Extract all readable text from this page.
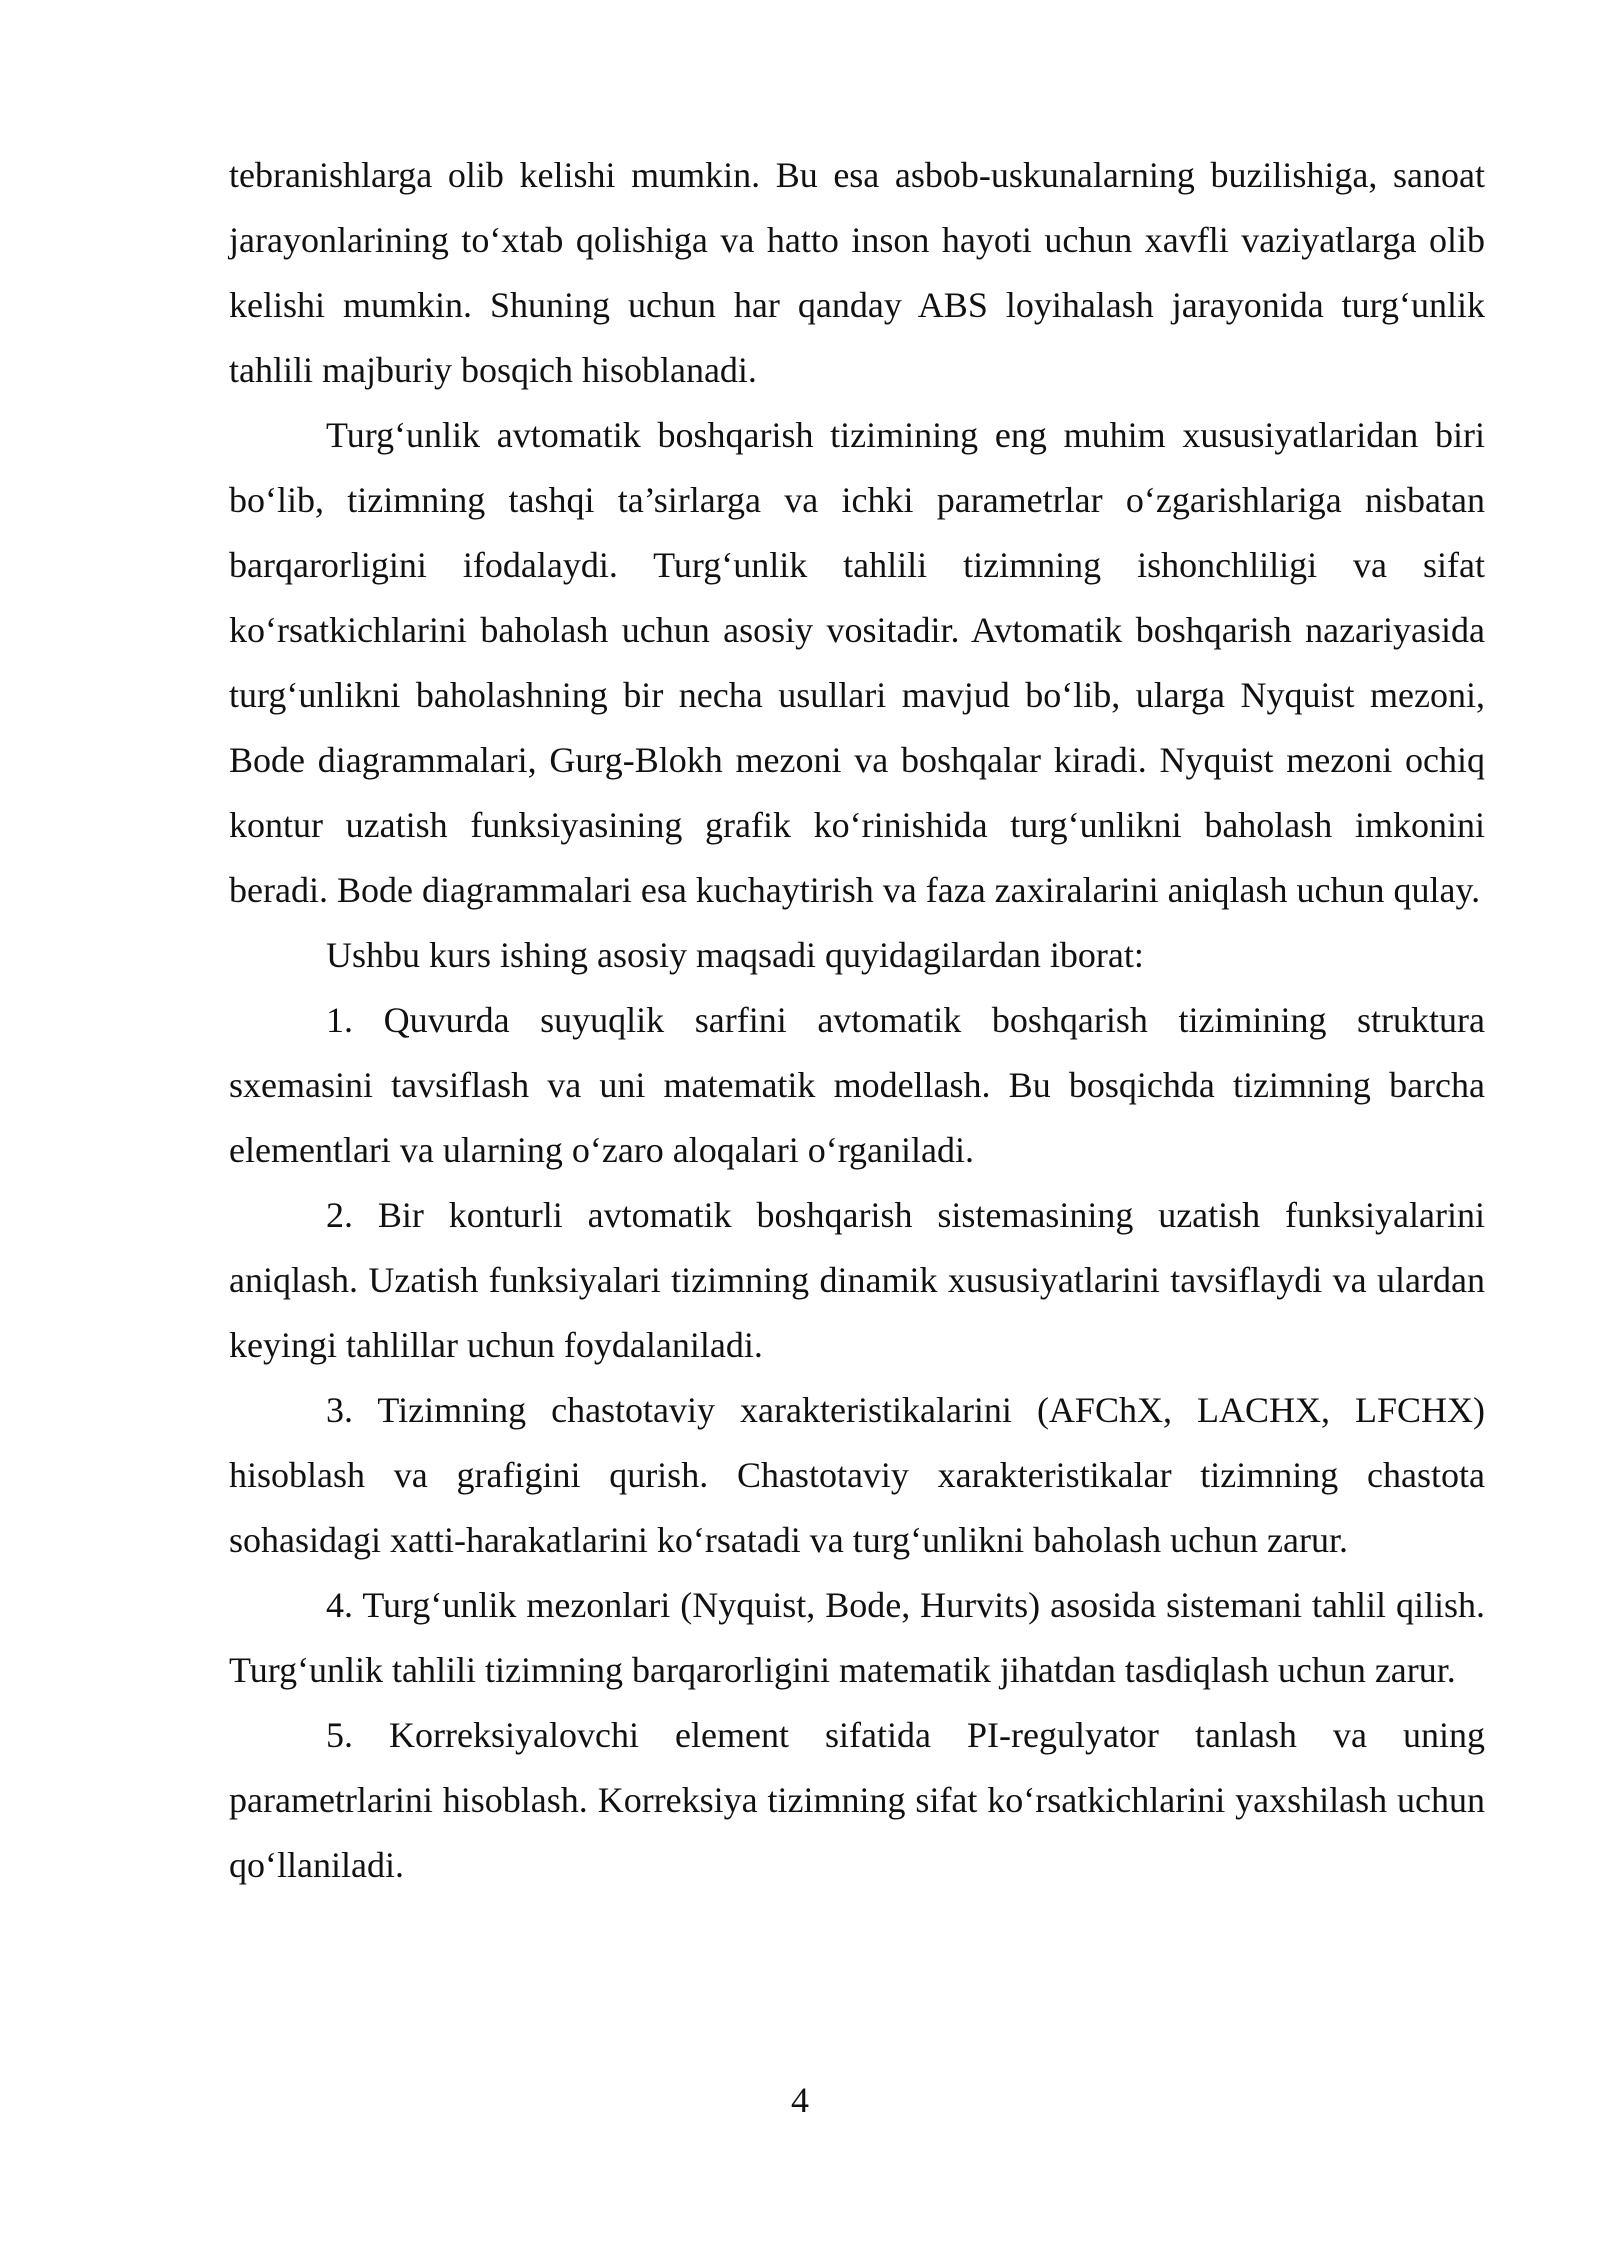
tebranishlarga olib kelishi mumkin. Bu esa asbob-uskunalarning buzilishiga, sanoat jarayonlarining to‘xtab qolishiga va hatto inson hayoti uchun xavfli vaziyatlarga olib kelishi mumkin. Shuning uchun har qanday ABS loyihalash jarayonida turg‘unlik tahlili majburiy bosqich hisoblanadi.

Turg‘unlik avtomatik boshqarish tizimining eng muhim xususiyatlaridan biri bo‘lib, tizimning tashqi ta’sirlarga va ichki parametrlar o‘zgarishlariga nisbatan barqarorligini ifodalaydi. Turg‘unlik tahlili tizimning ishonchliligi va sifat ko‘rsatkichlarini baholash uchun asosiy vositadir. Avtomatik boshqarish nazariyasida turg‘unlikni baholashning bir necha usullari mavjud bo‘lib, ularga Nyquist mezoni, Bode diagrammalari, Gurg-Blokh mezoni va boshqalar kiradi. Nyquist mezoni ochiq kontur uzatish funksiyasining grafik ko‘rinishida turg‘unlikni baholash imkonini beradi. Bode diagrammalari esa kuchaytirish va faza zaxiralarini aniqlash uchun qulay.

Ushbu kurs ishing asosiy maqsadi quyidagilardan iborat:

1. Quvurda suyuqlik sarfini avtomatik boshqarish tizimining struktura sxemasini tavsiflash va uni matematik modellash. Bu bosqichda tizimning barcha elementlari va ularning o‘zaro aloqalari o‘rganiladi.

2. Bir konturli avtomatik boshqarish sistemasining uzatish funksiyalarini aniqlash. Uzatish funksiyalari tizimning dinamik xususiyatlarini tavsiflaydi va ulardan keyingi tahlillar uchun foydalaniladi.

3. Tizimning chastotaviy xarakteristikalarini (AFChX, LACHX, LFCHX) hisoblash va grafigini qurish. Chastotaviy xarakteristikalar tizimning chastota sohasidagi xatti-harakatlarini ko‘rsatadi va turg‘unlikni baholash uchun zarur.

4. Turg‘unlik mezonlari (Nyquist, Bode, Hurvits) asosida sistemani tahlil qilish. Turg‘unlik tahlili tizimning barqarorligini matematik jihatdan tasdiqlash uchun zarur.

5. Korreksiyalovchi element sifatida PI-regulyator tanlash va uning parametrlarini hisoblash. Korreksiya tizimning sifat ko‘rsatkichlarini yaxshilash uchun qo‘llaniladi.

4
